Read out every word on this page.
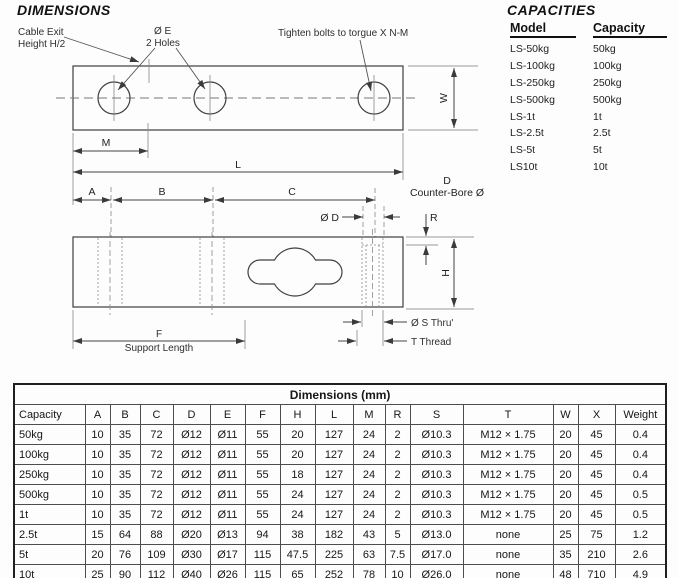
DIMENSIONS	CAPACITIES
Model	Capacity
LS-50kg	50kg
LS-100kg	100kg
LS-250kg	250kg
LS-500kg	500kg
LS-1t	1t
LS-2.5t	2.5t
LS-5t	5t
LS10t	10t
Cable Exit
Height H/2
Ø E
2 Holes
Tighten bolts to torgue X N-M
M
L
A	B	C
Ø D
D
Counter-Bore Ø
W
R
H
F
Support Length
Ø S Thru'
T Thread
Dimensions (mm)															
Capacity	A	B	C	D	E	F	H	L	M	R	S	T	W	X	Weight
50kg	10	35	72	Ø12	Ø11	55	20	127	24	2	Ø10.3	M12 × 1.75	20	45	0.4
100kg	10	35	72	Ø12	Ø11	55	20	127	24	2	Ø10.3	M12 × 1.75	20	45	0.4
250kg	10	35	72	Ø12	Ø11	55	18	127	24	2	Ø10.3	M12 × 1.75	20	45	0.4
500kg	10	35	72	Ø12	Ø11	55	24	127	24	2	Ø10.3	M12 × 1.75	20	45	0.5
1t	10	35	72	Ø12	Ø11	55	24	127	24	2	Ø10.3	M12 × 1.75	20	45	0.5
2.5t	15	64	88	Ø20	Ø13	94	38	182	43	5	Ø13.0	none	25	75	1.2
5t	20	76	109	Ø30	Ø17	115	47.5	225	63	7.5	Ø17.0	none	35	210	2.6
10t	25	90	112	Ø40	Ø26	115	65	252	78	10	Ø26.0	none	48	710	4.9
